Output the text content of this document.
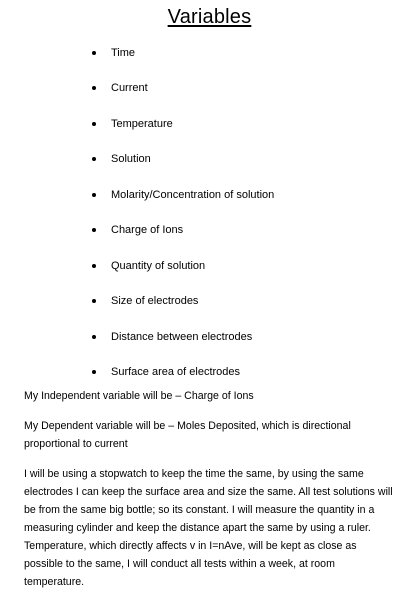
Variables
Time
Current
Temperature
Solution
Molarity/Concentration of solution
Charge of Ions
Quantity of solution
Size of electrodes
Distance between electrodes
Surface area of electrodes

My Independent variable will be – Charge of Ions

My Dependent variable will be – Moles Deposited, which is directional proportional to current

I will be using a stopwatch to keep the time the same, by using the same electrodes I can keep the surface area and size the same. All test solutions will be from the same big bottle; so its constant. I will measure the quantity in a measuring cylinder and keep the distance apart the same by using a ruler. Temperature, which directly affects v in I=nAve, will be kept as close as possible to the same, I will conduct all tests within a week, at room temperature.
